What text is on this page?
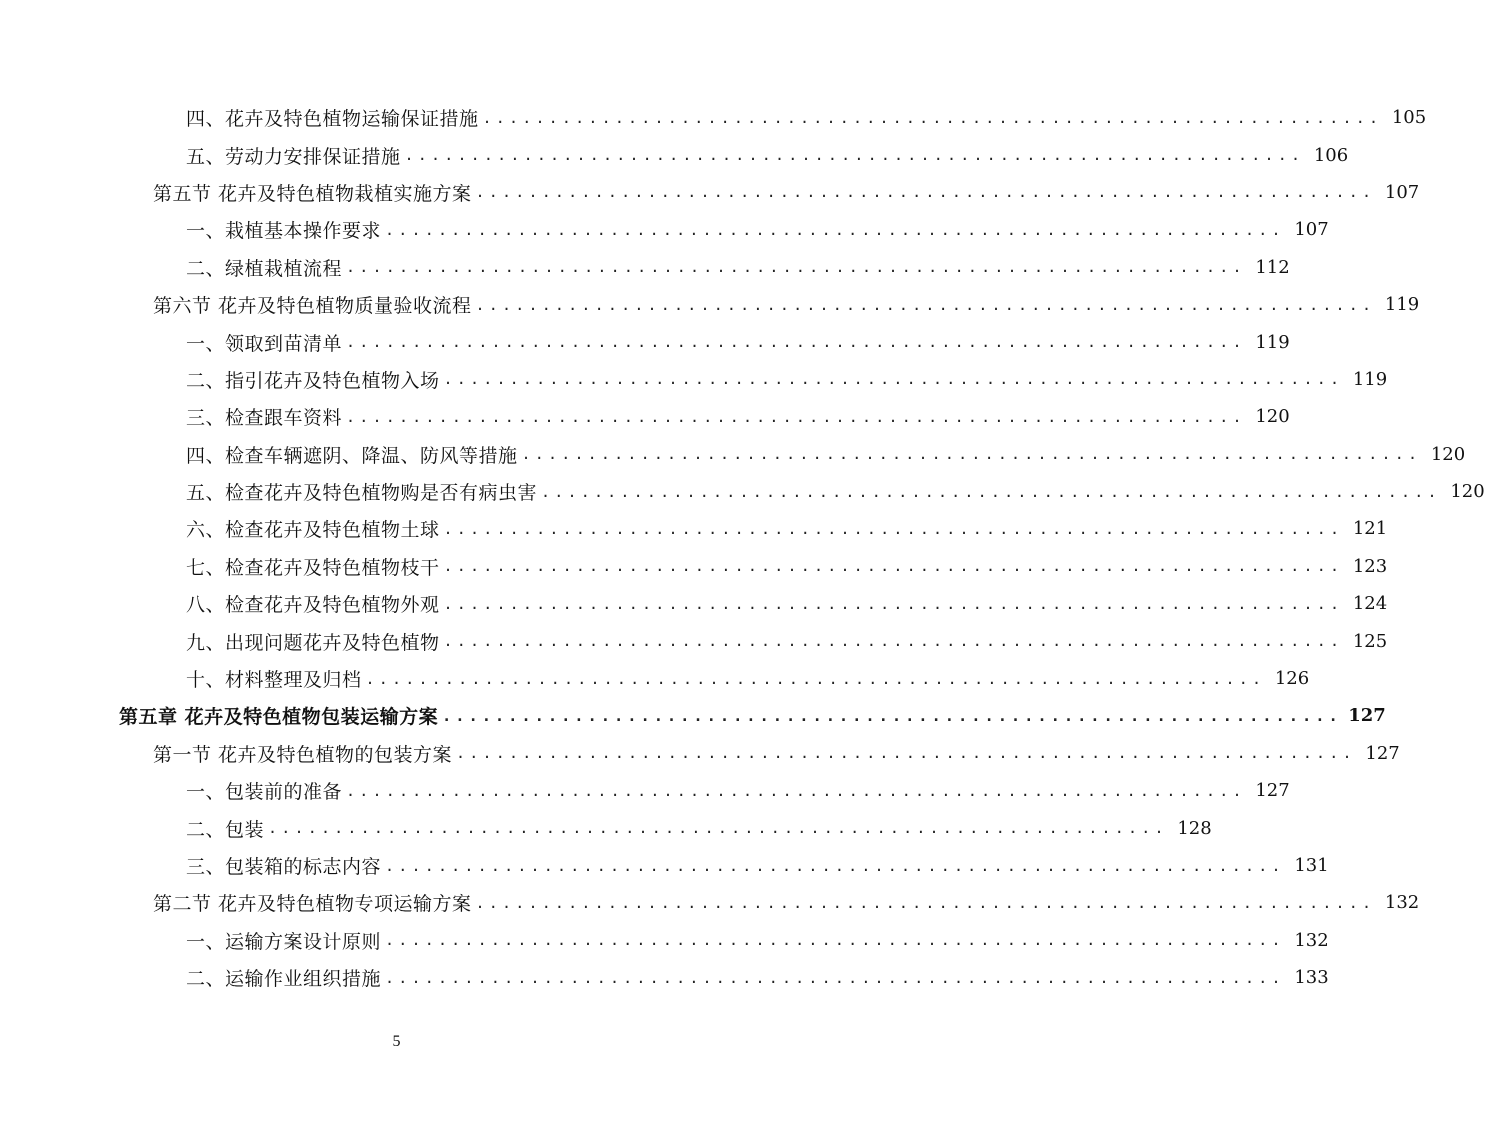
四、花卉及特色植物运输保证措施 .................................................................... 105
五、劳动力安排保证措施 .................................................................... 106
第五节 花卉及特色植物栽植实施方案 .................................................................... 107
一、栽植基本操作要求 .................................................................... 107
二、绿植栽植流程 .................................................................... 112
第六节 花卉及特色植物质量验收流程 .................................................................... 119
一、领取到苗清单 .................................................................... 119
二、指引花卉及特色植物入场 .................................................................... 119
三、检查跟车资料 .................................................................... 120
四、检查车辆遮阴、降温、防风等措施 .................................................................... 120
五、检查花卉及特色植物购是否有病虫害 .................................................................... 120
六、检查花卉及特色植物土球 .................................................................... 121
七、检查花卉及特色植物枝干 .................................................................... 123
八、检查花卉及特色植物外观 .................................................................... 124
九、出现问题花卉及特色植物 .................................................................... 125
十、材料整理及归档 .................................................................... 126
第五章 花卉及特色植物包装运输方案 .................................................................... 127
第一节 花卉及特色植物的包装方案 .................................................................... 127
一、包装前的准备 .................................................................... 127
二、包装 .................................................................... 128
三、包装箱的标志内容 .................................................................... 131
第二节 花卉及特色植物专项运输方案 .................................................................... 132
一、运输方案设计原则 .................................................................... 132
二、运输作业组织措施 .................................................................... 133
5
